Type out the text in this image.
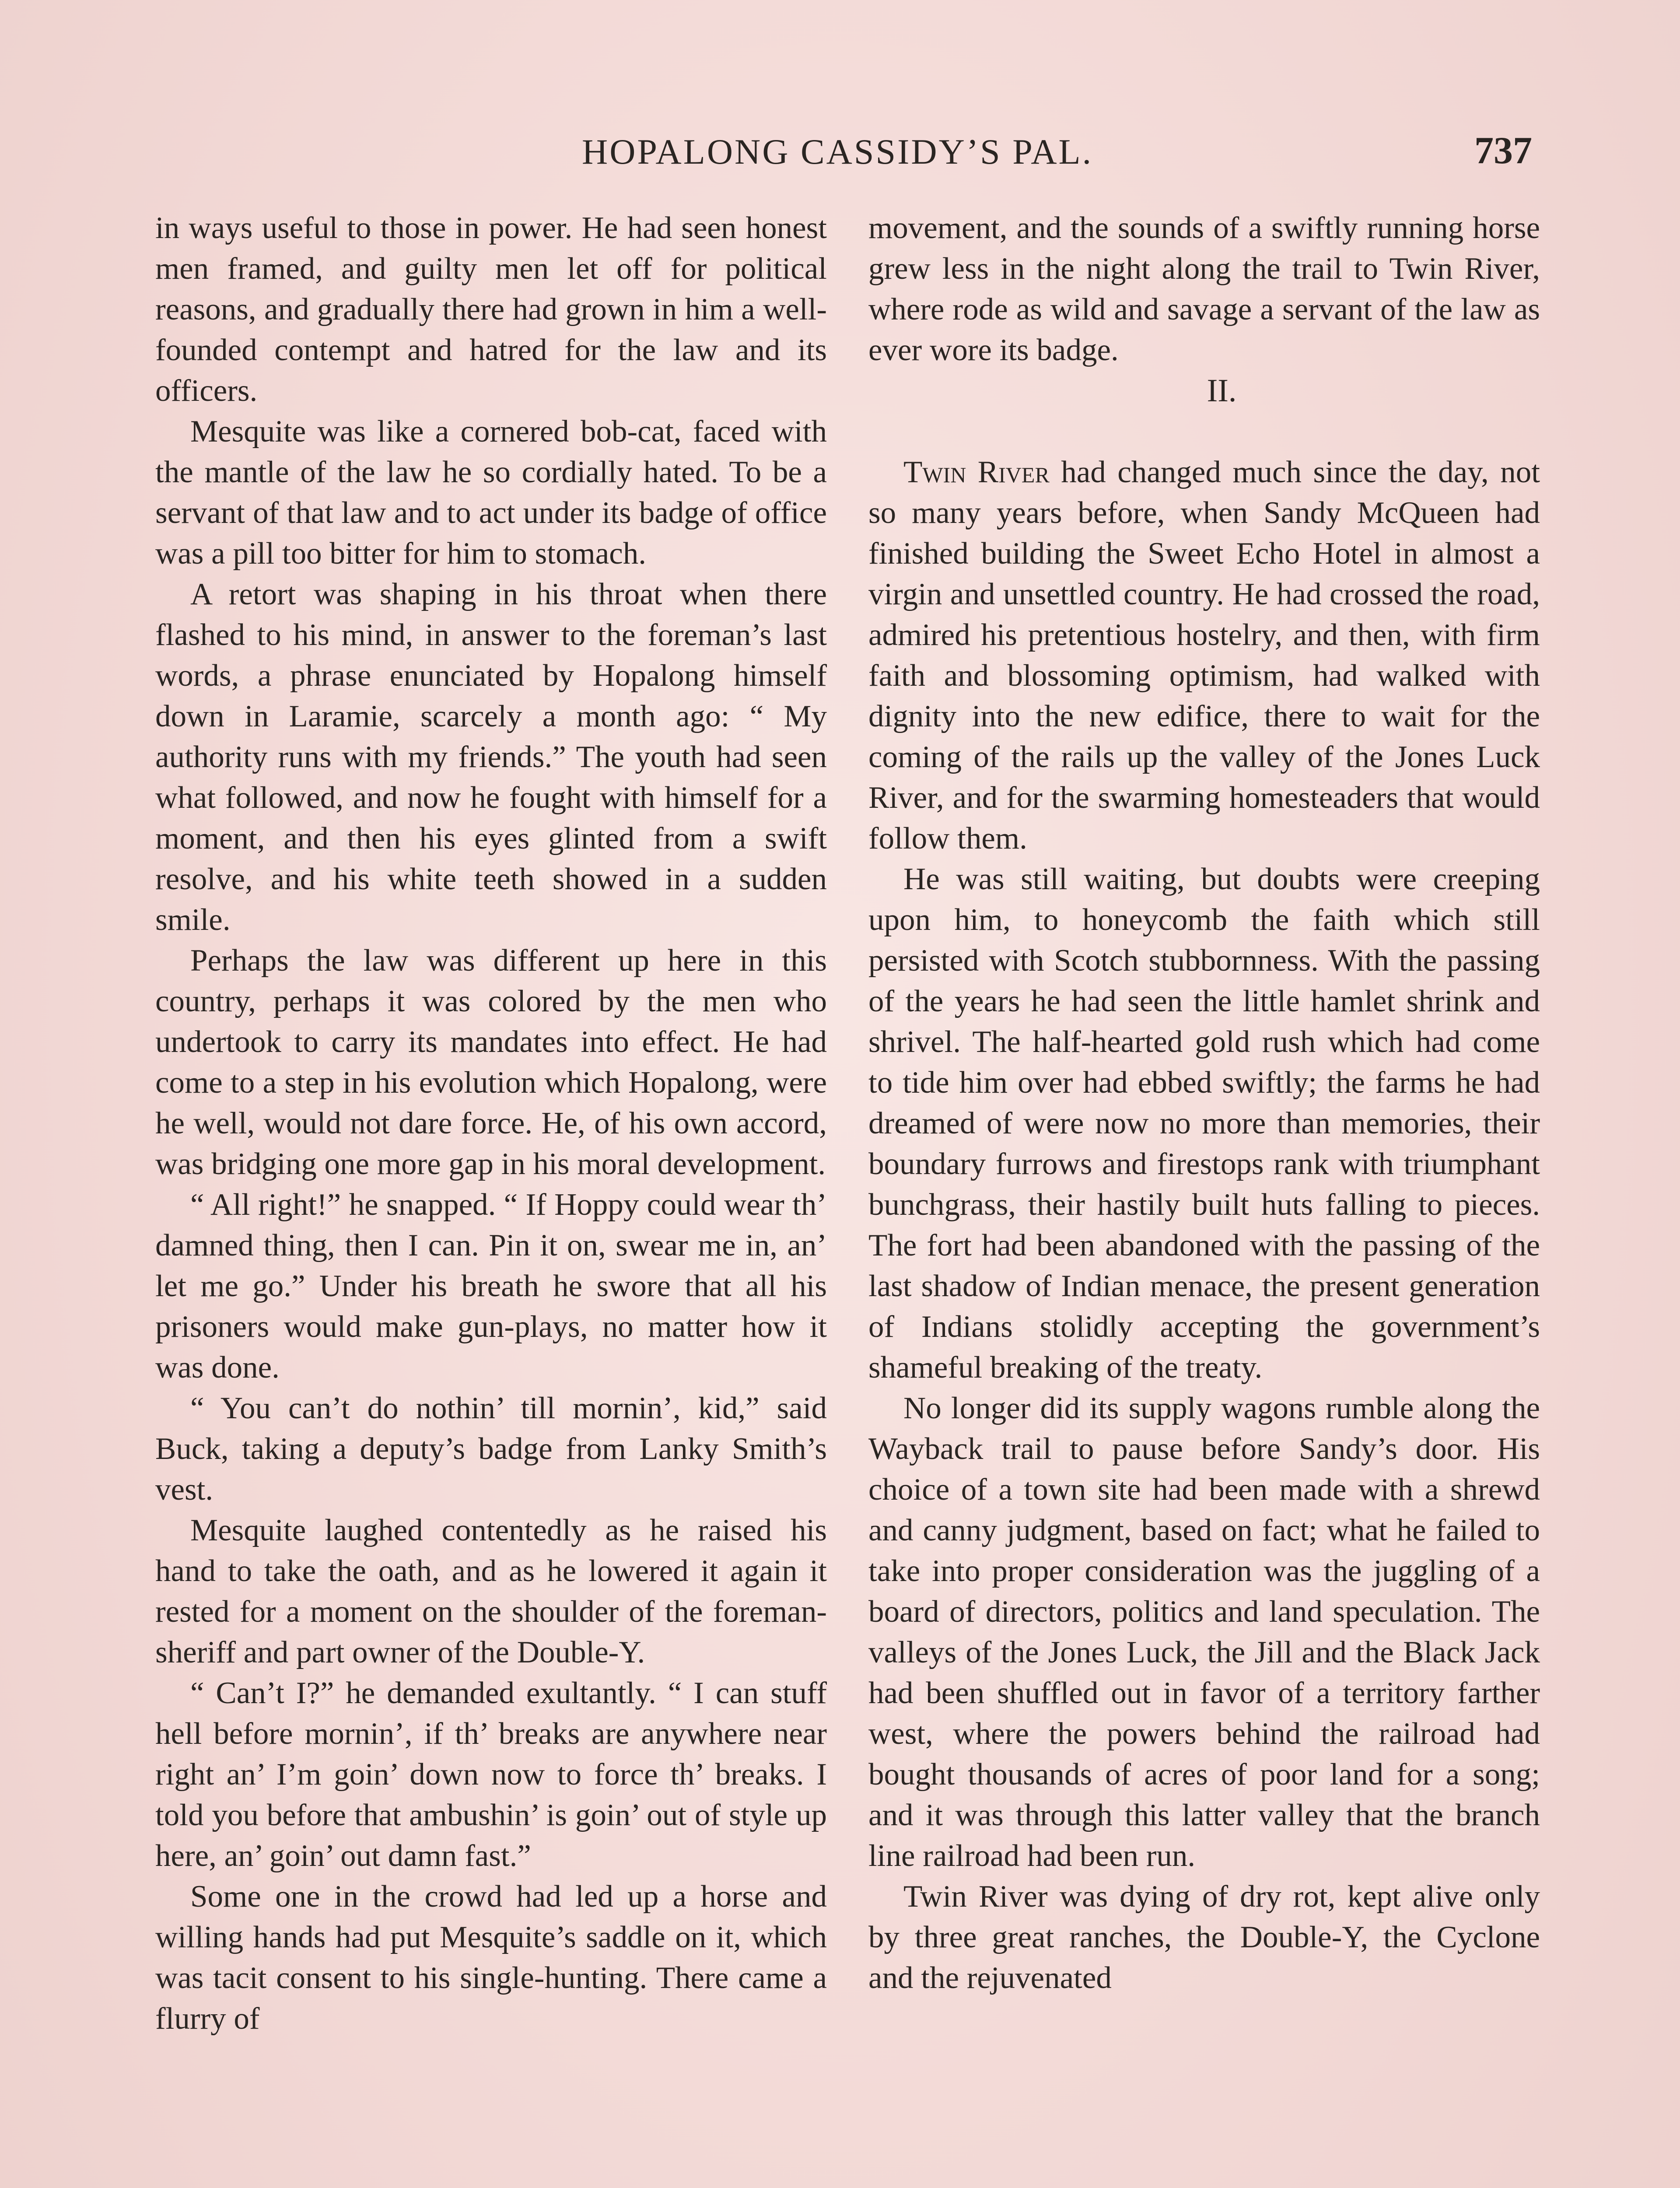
HOPALONG CASSIDY’S PAL.	737

in ways useful to those in power. He had seen honest men framed, and guilty men let off for political reasons, and gradually there had grown in him a well-founded contempt and hatred for the law and its officers.

Mesquite was like a cornered bob-cat, faced with the mantle of the law he so cordially hated. To be a servant of that law and to act under its badge of office was a pill too bitter for him to stomach.

A retort was shaping in his throat when there flashed to his mind, in answer to the foreman’s last words, a phrase enunciated by Hopalong himself down in Laramie, scarcely a month ago: “ My authority runs with my friends.” The youth had seen what followed, and now he fought with himself for a moment, and then his eyes glinted from a swift resolve, and his white teeth showed in a sudden smile.

Perhaps the law was different up here in this country, perhaps it was colored by the men who undertook to carry its mandates into effect. He had come to a step in his evolution which Hopalong, were he well, would not dare force. He, of his own accord, was bridging one more gap in his moral development.

“ All right!” he snapped. “ If Hoppy could wear th’ damned thing, then I can. Pin it on, swear me in, an’ let me go.” Under his breath he swore that all his prisoners would make gun-plays, no matter how it was done.

“ You can’t do nothin’ till mornin’, kid,” said Buck, taking a deputy’s badge from Lanky Smith’s vest.

Mesquite laughed contentedly as he raised his hand to take the oath, and as he lowered it again it rested for a moment on the shoulder of the foreman-sheriff and part owner of the Double-Y.

“ Can’t I?” he demanded exultantly. “ I can stuff hell before mornin’, if th’ breaks are anywhere near right an’ I’m goin’ down now to force th’ breaks. I told you before that ambushin’ is goin’ out of style up here, an’ goin’ out damn fast.”

Some one in the crowd had led up a horse and willing hands had put Mesquite’s saddle on it, which was tacit consent to his single-hunting. There came a flurry of

movement, and the sounds of a swiftly running horse grew less in the night along the trail to Twin River, where rode as wild and savage a servant of the law as ever wore its badge.

II.

Twin River had changed much since the day, not so many years before, when Sandy McQueen had finished building the Sweet Echo Hotel in almost a virgin and unsettled country. He had crossed the road, admired his pretentious hostelry, and then, with firm faith and blossoming optimism, had walked with dignity into the new edifice, there to wait for the coming of the rails up the valley of the Jones Luck River, and for the swarming homesteaders that would follow them.

He was still waiting, but doubts were creeping upon him, to honeycomb the faith which still persisted with Scotch stubbornness. With the passing of the years he had seen the little hamlet shrink and shrivel. The half-hearted gold rush which had come to tide him over had ebbed swiftly; the farms he had dreamed of were now no more than memories, their boundary furrows and firestops rank with triumphant bunchgrass, their hastily built huts falling to pieces. The fort had been abandoned with the passing of the last shadow of Indian menace, the present generation of Indians stolidly accepting the government’s shameful breaking of the treaty.

No longer did its supply wagons rumble along the Wayback trail to pause before Sandy’s door. His choice of a town site had been made with a shrewd and canny judgment, based on fact; what he failed to take into proper consideration was the juggling of a board of directors, politics and land speculation. The valleys of the Jones Luck, the Jill and the Black Jack had been shuffled out in favor of a territory farther west, where the powers behind the railroad had bought thousands of acres of poor land for a song; and it was through this latter valley that the branch line railroad had been run.

Twin River was dying of dry rot, kept alive only by three great ranches, the Double-Y, the Cyclone and the rejuvenated
